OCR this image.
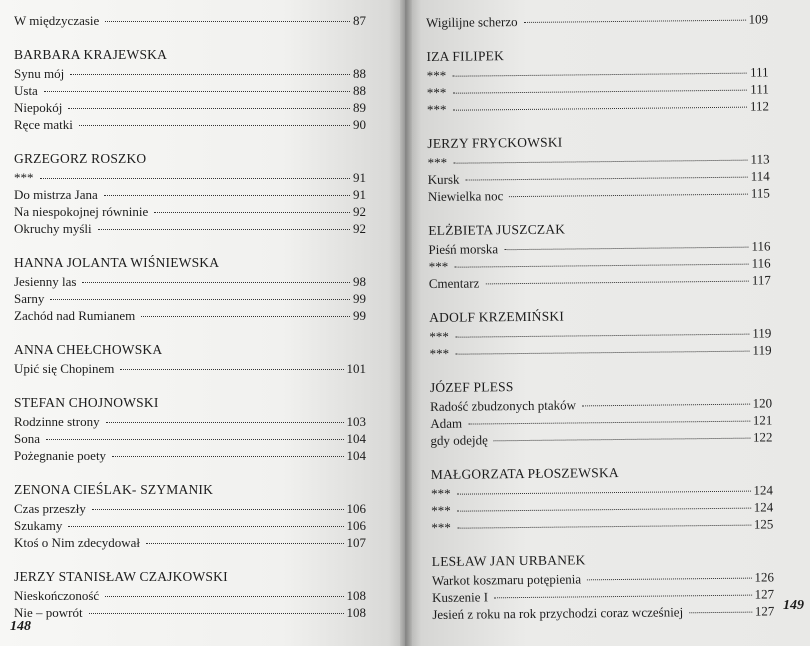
W międzyczasie	87
BARBARA KRAJEWSKA
Synu mój	88
Usta	88
Niepokój	89
Ręce matki	90
GRZEGORZ ROSZKO
***	91
Do mistrza Jana	91
Na niespokojnej równinie	92
Okruchy myśli	92
HANNA JOLANTA WIŚNIEWSKA
Jesienny las	98
Sarny	99
Zachód nad Rumianem	99
ANNA CHEŁCHOWSKA
Upić się Chopinem	101
STEFAN CHOJNOWSKI
Rodzinne strony	103
Sona	104
Pożegnanie poety	104
ZENONA CIEŚLAK- SZYMANIK
Czas przeszły	106
Szukamy	106
Ktoś o Nim zdecydował	107
JERZY STANISŁAW CZAJKOWSKI
Nieskończoność	108
Nie – powrót	108
148
149
Wigilijne scherzo	109
IZA FILIPEK
***	111
***	111
***	112
JERZY FRYCKOWSKI
***	113
Kursk	114
Niewielka noc	115
ELŻBIETA JUSZCZAK
Pieśń morska	116
***	116
Cmentarz	117
ADOLF KRZEMIŃSKI
***	119
***	119
JÓZEF PLESS
Radość zbudzonych ptaków	120
Adam	121
gdy odejdę	122
MAŁGORZATA PŁOSZEWSKA
***	124
***	124
***	125
LESŁAW JAN URBANEK
Warkot koszmaru potępienia	126
Kuszenie I	127
Jesień z roku na rok przychodzi coraz wcześniej	127
